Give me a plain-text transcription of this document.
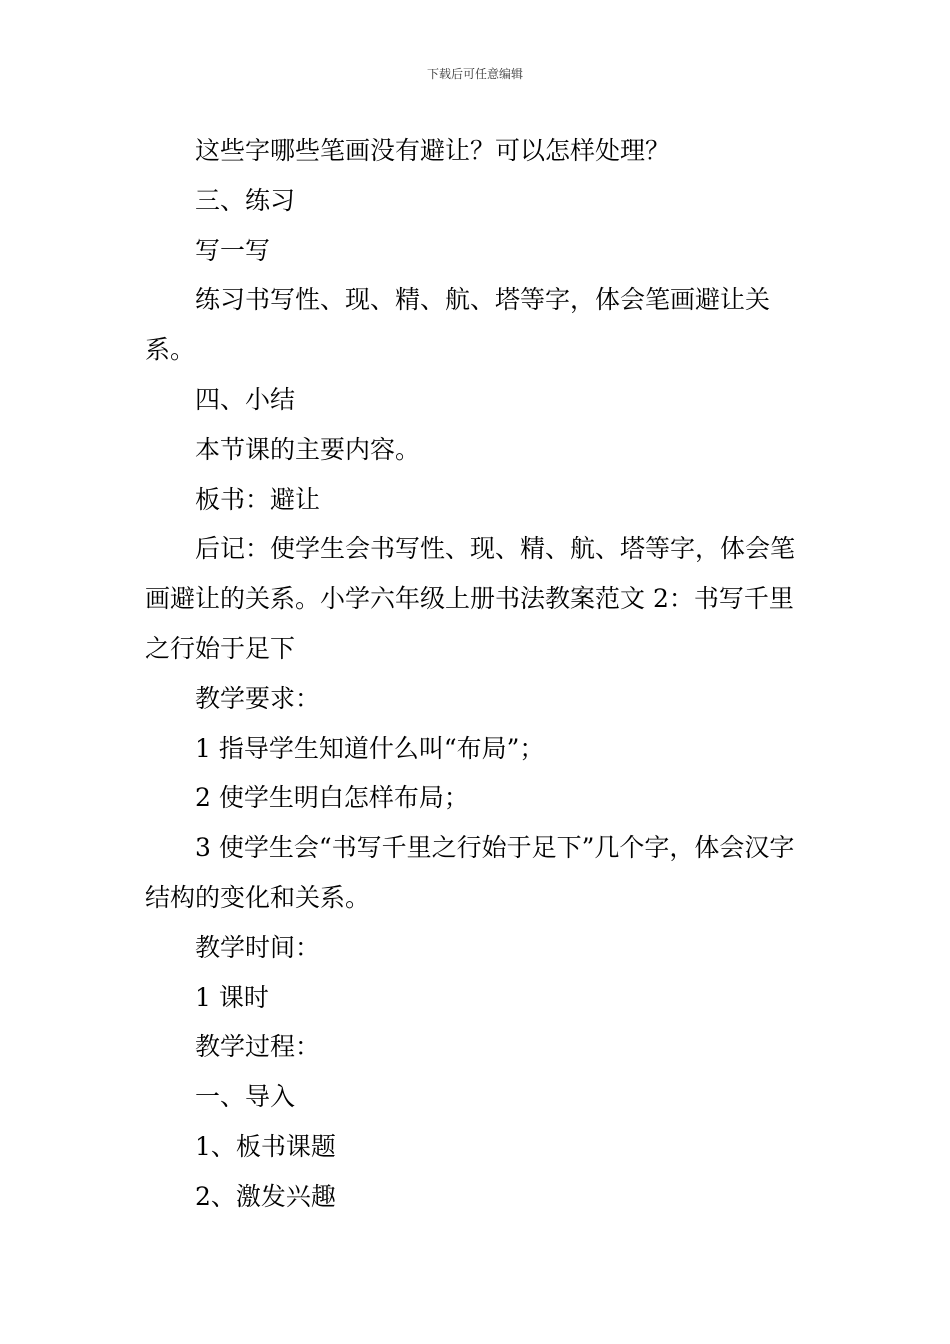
下载后可任意编辑

这些字哪些笔画没有避让？可以怎样处理？

三、练习

写一写

练习书写性、现、精、航、塔等字，体会笔画避让关系。

四、小结

本节课的主要内容。

板书：避让

后记：使学生会书写性、现、精、航、塔等字，体会笔画避让的关系。小学六年级上册书法教案范文 2：书写千里之行始于足下

教学要求：

1 指导学生知道什么叫“布局”；

2 使学生明白怎样布局；

3 使学生会“书写千里之行始于足下”几个字，体会汉字结构的变化和关系。

教学时间：

1 课时

教学过程：

一、导入

1、板书课题

2、激发兴趣
